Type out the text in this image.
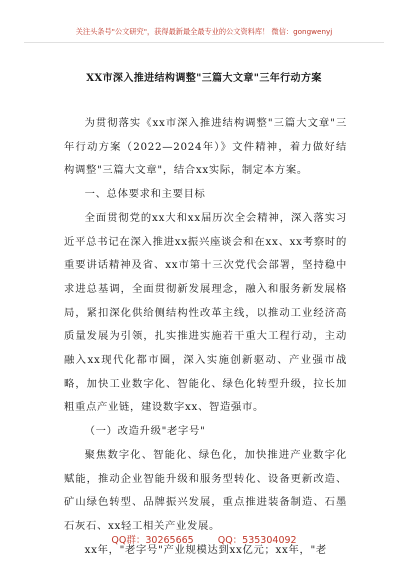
关注头条号"公文研究"，获得最新最全最专业的公文资料库！ 微信：gongwenyj
XX市深入推进结构调整"三篇大文章"三年行动方案

为贯彻落实《xx市深入推进结构调整"三篇大文章"三年行动方案（2022—2024年）》文件精神，着力做好结构调整"三篇大文章"，结合xx实际，制定本方案。

一、总体要求和主要目标

全面贯彻党的xx大和xx届历次全会精神，深入落实习近平总书记在深入推进xx振兴座谈会和在xx、xx考察时的重要讲话精神及省、xx市第十三次党代会部署，坚持稳中求进总基调，全面贯彻新发展理念，融入和服务新发展格局，紧扣深化供给侧结构性改革主线，以推动工业经济高质量发展为引领，扎实推进实施若干重大工程行动，主动融入xx现代化都市圈，深入实施创新驱动、产业强市战略，加快工业数字化、智能化、绿色化转型升级，拉长加粗重点产业链，建设数字xx、智造强市。

（一）改造升级"老字号"

聚焦数字化、智能化、绿色化，加快推进产业数字化赋能，推动企业智能升级和服务型转化、设备更新改造、矿山绿色转型、品牌振兴发展，重点推进装备制造、石墨石灰石、xx轻工相关产业发展。

xx年，"老字号"产业规模达到xx亿元；xx年，"老

QQ群：30265665	QQ：535304092
